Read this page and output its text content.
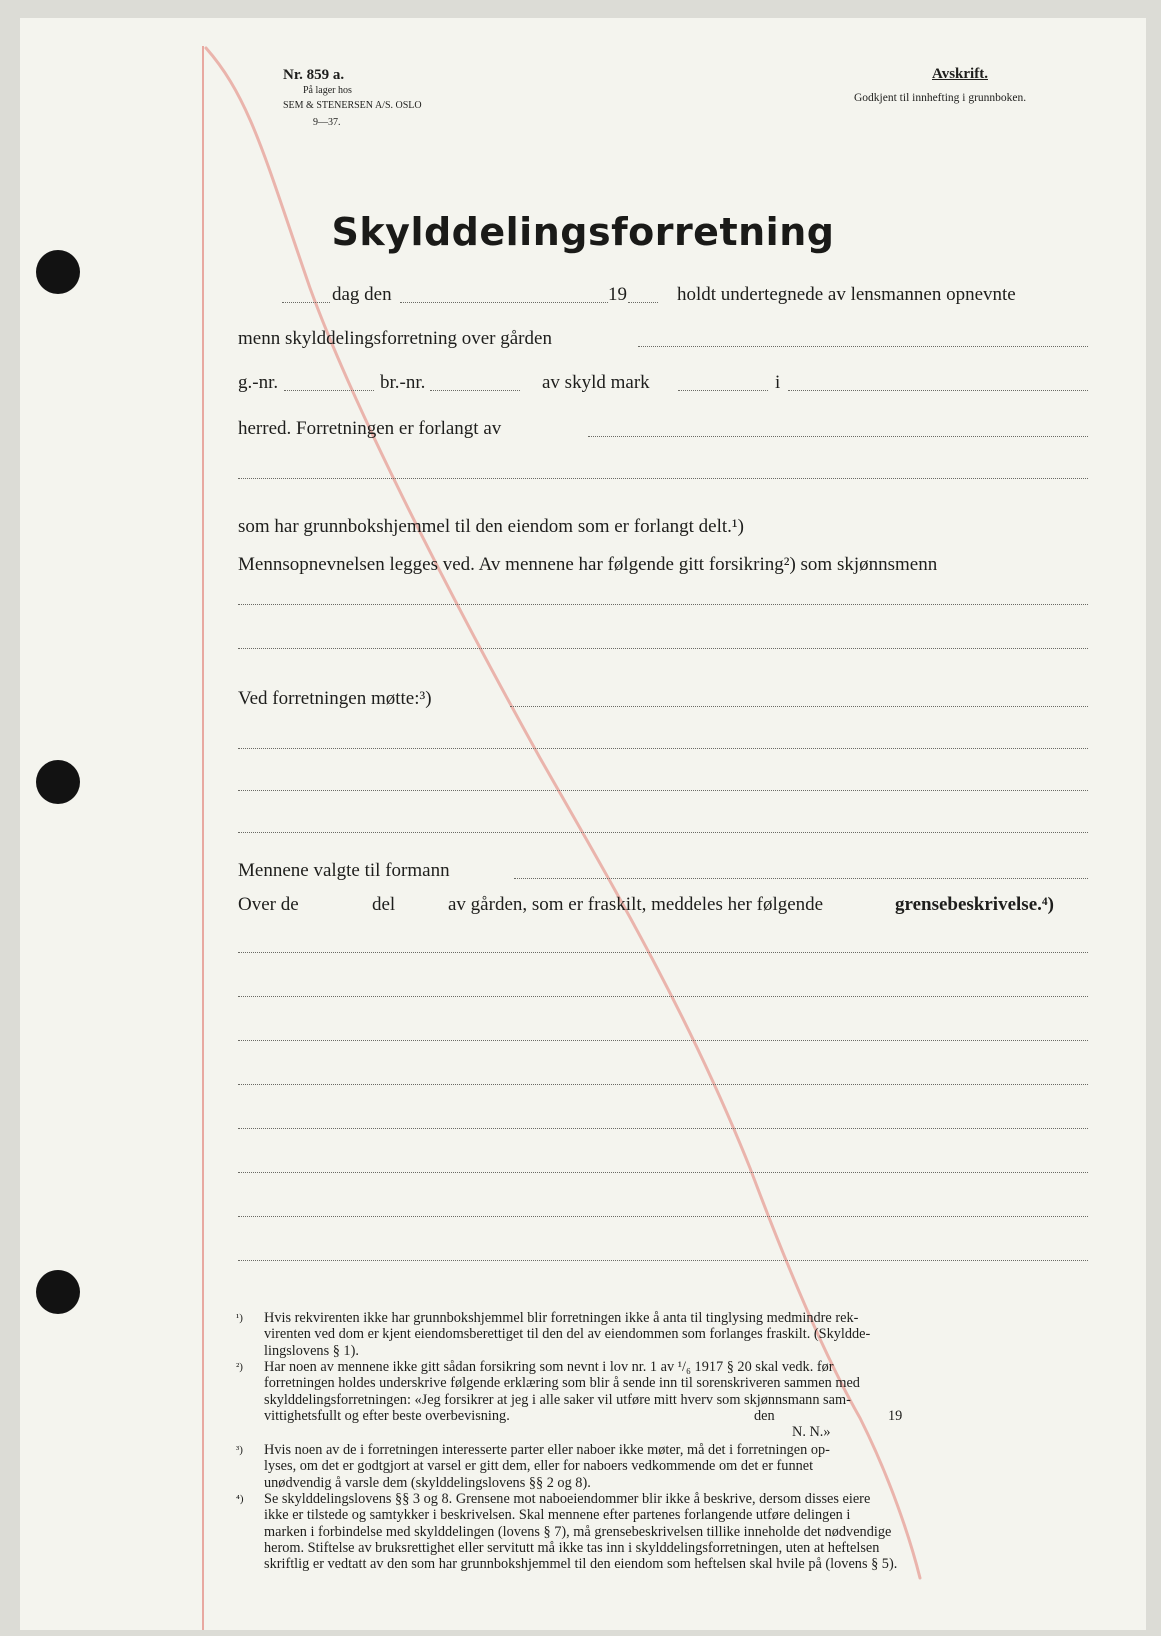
Nr. 859 a.
På lager hos
SEM & STENERSEN A/S. OSLO
9—37.
Avskrift.
Godkjent til innhefting i grunnboken.
Skylddelingsforretning
dag den	19	holdt undertegnede av lensmannen opnevnte
menn skylddelingsforretning over gården
g.-nr.	br.-nr.	av skyld mark	i
herred. Forretningen er forlangt av
som har grunnbokshjemmel til den eiendom som er forlangt delt.¹)
Mennsopnevnelsen legges ved. Av mennene har følgende gitt forsikring²) som skjønnsmenn
Ved forretningen møtte:³)
Mennene valgte til formann
Over de	del	av gården, som er fraskilt, meddeles her følgende	grensebeskrivelse.⁴)
¹) Hvis rekvirenten ikke har grunnbokshjemmel blir forretningen ikke å anta til tinglysing medmindre rek-
virenten ved dom er kjent eiendomsberettiget til den del av eiendommen som forlanges fraskilt. (Skyldde-
lingslovens § 1).
²) Har noen av mennene ikke gitt sådan forsikring som nevnt i lov nr. 1 av ¹/₆ 1917 § 20 skal vedk. før
forretningen holdes underskrive følgende erklæring som blir å sende inn til sorenskriveren sammen med
skylddelingsforretningen: «Jeg forsikrer at jeg i alle saker vil utføre mitt hverv som skjønnsmann sam-
vittighetsfullt og efter beste overbevisning.	den	19
N. N.»
³) Hvis noen av de i forretningen interesserte parter eller naboer ikke møter, må det i forretningen op-
lyses, om det er godtgjort at varsel er gitt dem, eller for naboers vedkommende om det er funnet
unødvendig å varsle dem (skylddelingslovens §§ 2 og 8).
⁴) Se skylddelingslovens §§ 3 og 8. Grensene mot naboeiendommer blir ikke å beskrive, dersom disses eiere
ikke er tilstede og samtykker i beskrivelsen. Skal mennene efter partenes forlangende utføre delingen i
marken i forbindelse med skylddelingen (lovens § 7), må grensebeskrivelsen tillike inneholde det nødvendige
herom. Stiftelse av bruksrettighet eller servitutt må ikke tas inn i skylddelingsforretningen, uten at heftelsen
skriftlig er vedtatt av den som har grunnbokshjemmel til den eiendom som heftelsen skal hvile på (lovens § 5).
